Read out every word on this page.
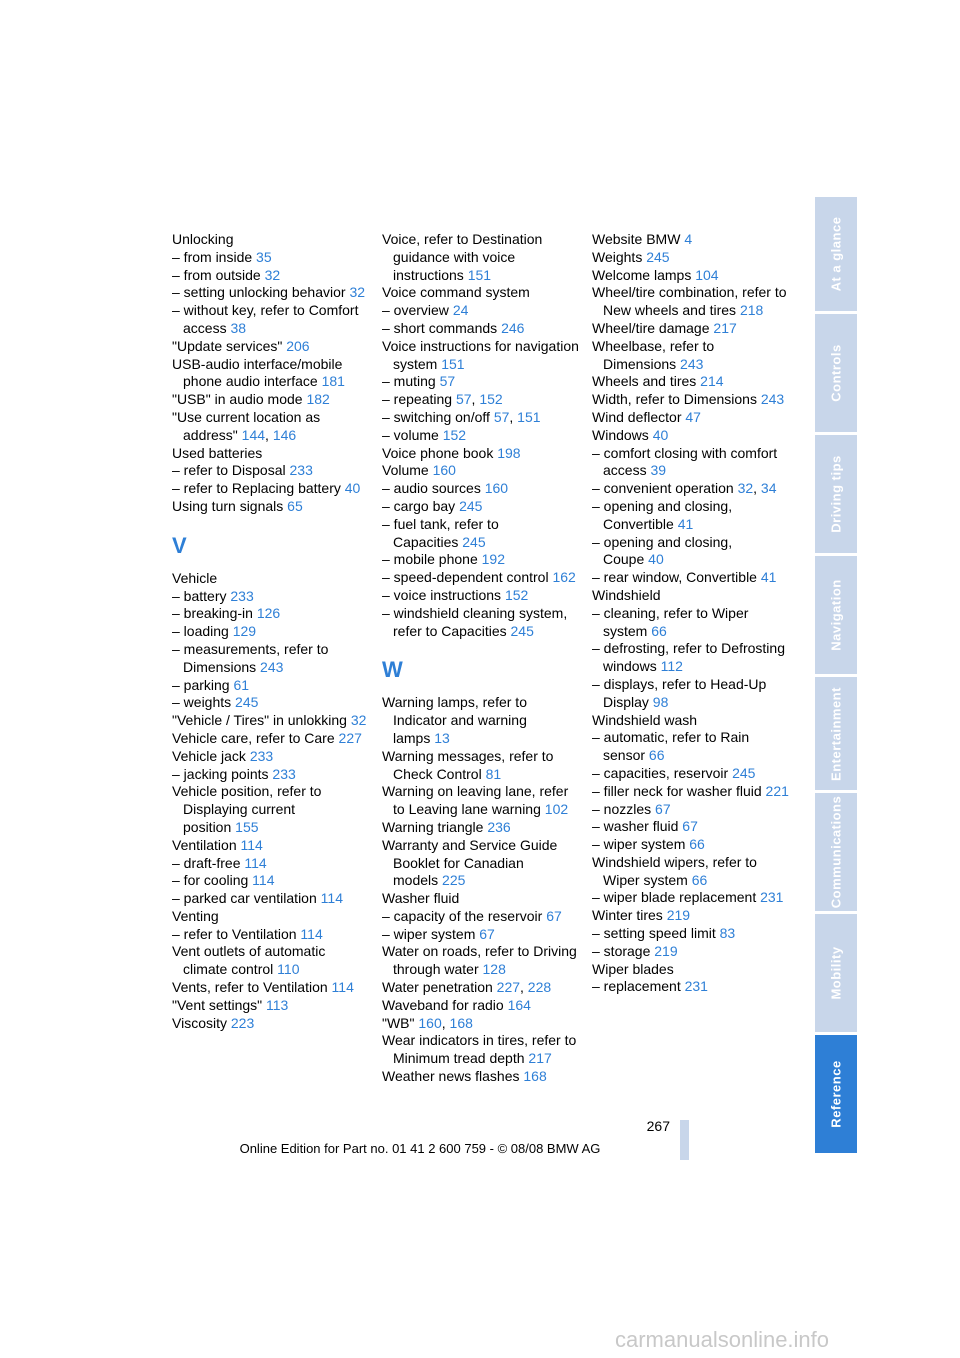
Unlocking
– from inside 35
– from outside 32
– setting unlocking behavior 32
– without key, refer to Comfort access 38
"Update services" 206
USB-audio interface/mobile phone audio interface 181
"USB" in audio mode 182
"Use current location as address" 144, 146
Used batteries
– refer to Disposal 233
– refer to Replacing battery 40
Using turn signals 65
V
Vehicle
– battery 233
– breaking-in 126
– loading 129
– measurements, refer to Dimensions 243
– parking 61
– weights 245
"Vehicle / Tires" in unlokking 32
Vehicle care, refer to Care 227
Vehicle jack 233
– jacking points 233
Vehicle position, refer to Displaying current position 155
Ventilation 114
– draft-free 114
– for cooling 114
– parked car ventilation 114
Venting
– refer to Ventilation 114
Vent outlets of automatic climate control 110
Vents, refer to Ventilation 114
"Vent settings" 113
Viscosity 223
Voice, refer to Destination guidance with voice instructions 151
Voice command system
– overview 24
– short commands 246
Voice instructions for navigation system 151
– muting 57
– repeating 57, 152
– switching on/off 57, 151
– volume 152
Voice phone book 198
Volume 160
– audio sources 160
– cargo bay 245
– fuel tank, refer to Capacities 245
– mobile phone 192
– speed-dependent control 162
– voice instructions 152
– windshield cleaning system, refer to Capacities 245
W
Warning lamps, refer to Indicator and warning lamps 13
Warning messages, refer to Check Control 81
Warning on leaving lane, refer to Leaving lane warning 102
Warning triangle 236
Warranty and Service Guide Booklet for Canadian models 225
Washer fluid
– capacity of the reservoir 67
– wiper system 67
Water on roads, refer to Driving through water 128
Water penetration 227, 228
Waveband for radio 164
"WB" 160, 168
Wear indicators in tires, refer to Minimum tread depth 217
Weather news flashes 168
Website BMW 4
Weights 245
Welcome lamps 104
Wheel/tire combination, refer to New wheels and tires 218
Wheel/tire damage 217
Wheelbase, refer to Dimensions 243
Wheels and tires 214
Width, refer to Dimensions 243
Wind deflector 47
Windows 40
– comfort closing with comfort access 39
– convenient operation 32, 34
– opening and closing, Convertible 41
– opening and closing, Coupe 40
– rear window, Convertible 41
Windshield
– cleaning, refer to Wiper system 66
– defrosting, refer to Defrosting windows 112
– displays, refer to Head-Up Display 98
Windshield wash
– automatic, refer to Rain sensor 66
– capacities, reservoir 245
– filler neck for washer fluid 221
– nozzles 67
– washer fluid 67
– wiper system 66
Windshield wipers, refer to Wiper system 66
– wiper blade replacement 231
Winter tires 219
– setting speed limit 83
– storage 219
Wiper blades
– replacement 231
At a glance
Controls
Driving tips
Navigation
Entertainment
Communications
Mobility
Reference
267
Online Edition for Part no. 01 41 2 600 759 - © 08/08 BMW AG
carmanualsonline.info
